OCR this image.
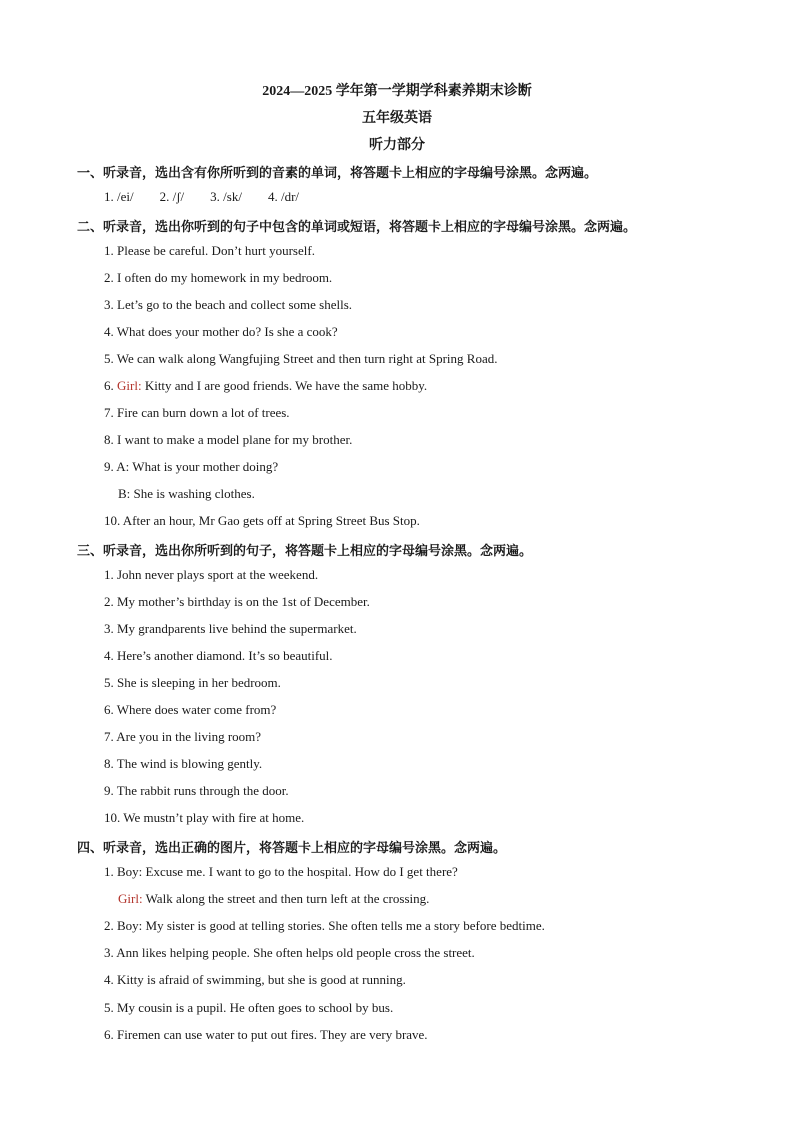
2024—2025 学年第一学期学科素养期末诊断
五年级英语
听力部分
一、听录音，选出含有你所听到的音素的单词，将答题卡上相应的字母编号涂黑。念两遍。
1. /ei/ 2. /ʃ/ 3. /sk/ 4. /dr/
二、听录音，选出你听到的句子中包含的单词或短语，将答题卡上相应的字母编号涂黑。念两遍。
1. Please be careful. Don’t hurt yourself.
2. I often do my homework in my bedroom.
3. Let’s go to the beach and collect some shells.
4. What does your mother do? Is she a cook?
5. We can walk along Wangfujing Street and then turn right at Spring Road.
6. Girl: Kitty and I are good friends. We have the same hobby.
7. Fire can burn down a lot of trees.
8. I want to make a model plane for my brother.
9. A: What is your mother doing?
B: She is washing clothes.
10. After an hour, Mr Gao gets off at Spring Street Bus Stop.
三、听录音，选出你所听到的句子，将答题卡上相应的字母编号涂黑。念两遍。
1. John never plays sport at the weekend.
2. My mother’s birthday is on the 1st of December.
3. My grandparents live behind the supermarket.
4. Here’s another diamond. It’s so beautiful.
5. She is sleeping in her bedroom.
6. Where does water come from?
7. Are you in the living room?
8. The wind is blowing gently.
9. The rabbit runs through the door.
10. We mustn’t play with fire at home.
四、听录音，选出正确的图片，将答题卡上相应的字母编号涂黑。念两遍。
1. Boy: Excuse me. I want to go to the hospital. How do I get there?
Girl: Walk along the street and then turn left at the crossing.
2. Boy: My sister is good at telling stories. She often tells me a story before bedtime.
3. Ann likes helping people. She often helps old people cross the street.
4. Kitty is afraid of swimming, but she is good at running.
5. My cousin is a pupil. He often goes to school by bus.
6. Firemen can use water to put out fires. They are very brave.
